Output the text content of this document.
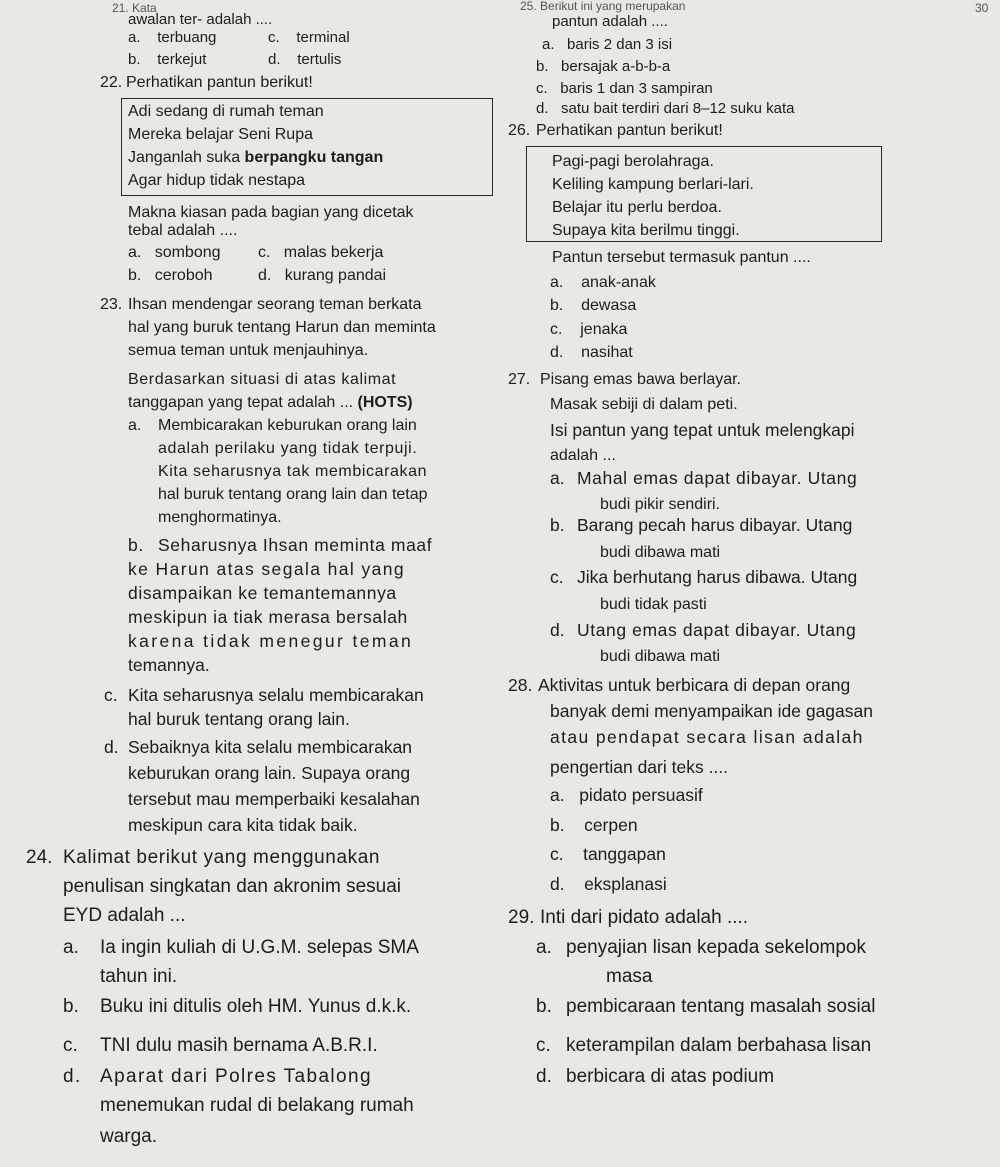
21. Kata	25. Berikut ini yang merupakan	30
awalan ter- adalah ....
a. terbuang	c. terminal
b. terkejut	d. tertulis
22. Perhatikan pantun berikut!
Adi sedang di rumah teman
Mereka belajar Seni Rupa
Janganlah suka berpangku tangan
Agar hidup tidak nestapa
Makna kiasan pada bagian yang dicetak
tebal adalah ....
a. sombong c. malas bekerja
b. ceroboh	d. kurang pandai
23. Ihsan mendengar seorang teman berkata
hal yang buruk tentang Harun dan meminta
semua teman untuk menjauhinya.
Berdasarkan situasi di atas kalimat
tanggapan yang tepat adalah ... (HOTS)
a. Membicarakan keburukan orang lain
adalah perilaku yang tidak terpuji.
Kita seharusnya tak membicarakan
hal buruk tentang orang lain dan tetap
menghormatinya.
b. Seharusnya Ihsan meminta maaf
ke Harun atas segala hal yang
disampaikan ke temantemannya
meskipun ia tiak merasa bersalah
karena tidak menegur teman
temannya.
c. Kita seharusnya selalu membicarakan
hal buruk tentang orang lain.
d. Sebaiknya kita selalu membicarakan
keburukan orang lain. Supaya orang
tersebut mau memperbaiki kesalahan
meskipun cara kita tidak baik.
24. Kalimat berikut yang menggunakan
penulisan singkatan dan akronim sesuai
EYD adalah ...
a. Ia ingin kuliah di U.G.M. selepas SMA
tahun ini.
b. Buku ini ditulis oleh HM. Yunus d.k.k.
c. TNI dulu masih bernama A.B.R.I.
d. Aparat dari Polres Tabalong
menemukan rudal di belakang rumah
warga.
pantun adalah ....
a. baris 2 dan 3 isi
b. bersajak a-b-b-a
c. baris 1 dan 3 sampiran
d. satu bait terdiri dari 8–12 suku kata
26. Perhatikan pantun berikut!
Pagi-pagi berolahraga.
Keliling kampung berlari-lari.
Belajar itu perlu berdoa.
Supaya kita berilmu tinggi.
Pantun tersebut termasuk pantun ....
a. anak-anak
b. dewasa
c. jenaka
d. nasihat
27. Pisang emas bawa berlayar.
Masak sebiji di dalam peti.
Isi pantun yang tepat untuk melengkapi
adalah ...
a. Mahal emas dapat dibayar. Utang
budi pikir sendiri.
b. Barang pecah harus dibayar. Utang
budi dibawa mati
c. Jika berhutang harus dibawa. Utang
budi tidak pasti
d. Utang emas dapat dibayar. Utang
budi dibawa mati
28. Aktivitas untuk berbicara di depan orang
banyak demi menyampaikan ide gagasan
atau pendapat secara lisan adalah
pengertian dari teks ....
a. pidato persuasif
b. cerpen
c. tanggapan
d. eksplanasi
29. Inti dari pidato adalah ....
a. penyajian lisan kepada sekelompok
masa
b. pembicaraan tentang masalah sosial
c. keterampilan dalam berbahasa lisan
d. berbicara di atas podium
